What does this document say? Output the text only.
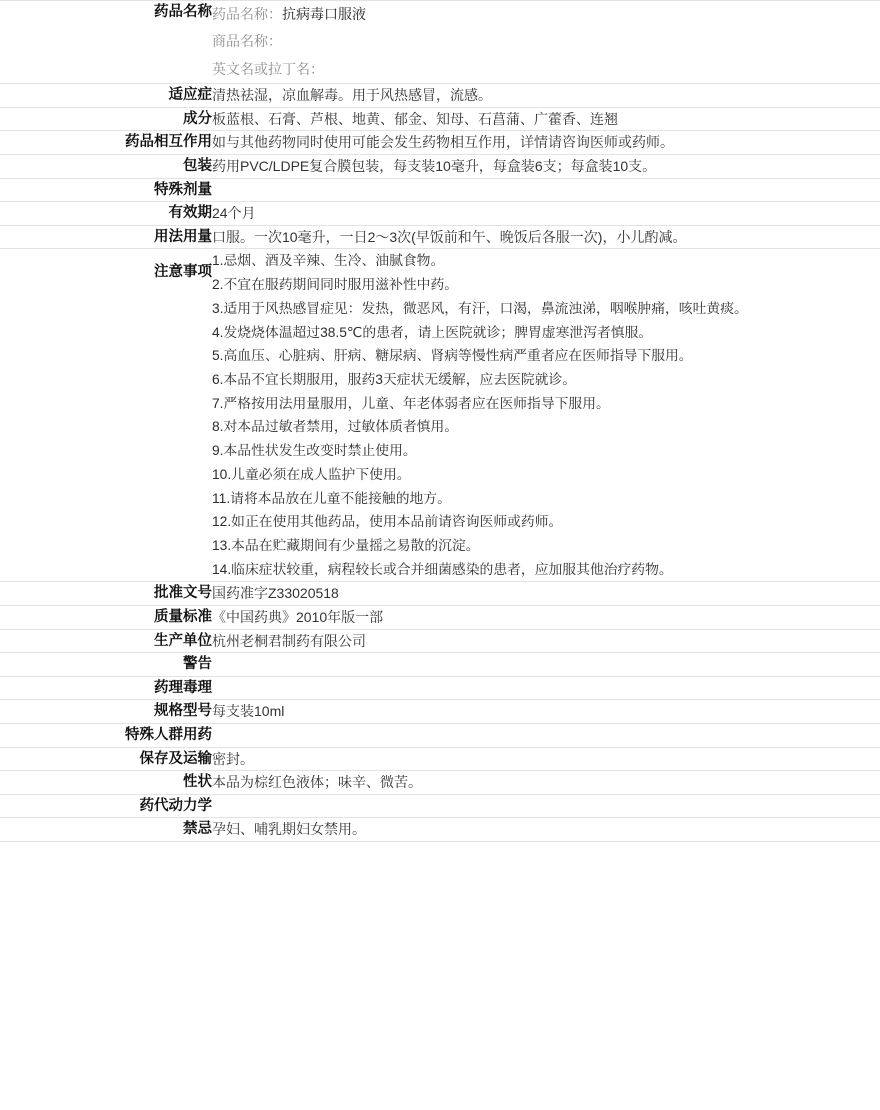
药品名称	药品名称：抗病毒口服液
商品名称：
英文名或拉丁名：

适应症	清热祛湿，凉血解毒。用于风热感冒，流感。
成分	板蓝根、石膏、芦根、地黄、郁金、知母、石菖蒲、广藿香、连翘
药品相互作用	如与其他药物同时使用可能会发生药物相互作用，详情请咨询医师或药师。
包装	药用PVC/LDPE复合膜包装，每支装10毫升，每盒装6支；每盒装10支。
特殊剂量	
有效期	24个月
用法用量	口服。一次10毫升，一日2～3次(早饭前和午、晚饭后各服一次)，小儿酌减。
注意事项	
1.忌烟、酒及辛辣、生冷、油腻食物。
2.不宜在服药期间同时服用滋补性中药。
3.适用于风热感冒症见：发热，微恶风，有汗，口渴，鼻流浊涕，咽喉肿痛，咳吐黄痰。
4.发烧烧体温超过38.5℃的患者，请上医院就诊；脾胃虚寒泄泻者慎服。
5.高血压、心脏病、肝病、糖尿病、肾病等慢性病严重者应在医师指导下服用。
6.本品不宜长期服用，服药3天症状无缓解，应去医院就诊。
7.严格按用法用量服用，儿童、年老体弱者应在医师指导下服用。
8.对本品过敏者禁用，过敏体质者慎用。
9.本品性状发生改变时禁止使用。
10.儿童必须在成人监护下使用。
11.请将本品放在儿童不能接触的地方。
12.如正在使用其他药品，使用本品前请咨询医师或药师。
13.本品在贮藏期间有少量摇之易散的沉淀。
14.临床症状较重，病程较长或合并细菌感染的患者，应加服其他治疗药物。

批准文号	国药准字Z33020518
质量标准	《中国药典》2010年版一部
生产单位	杭州老桐君制药有限公司
警告	
药理毒理	
规格型号	每支装10ml
特殊人群用药	
保存及运输	密封。
性状	本品为棕红色液体；味辛、微苦。
药代动力学	
禁忌	孕妇、哺乳期妇女禁用。
